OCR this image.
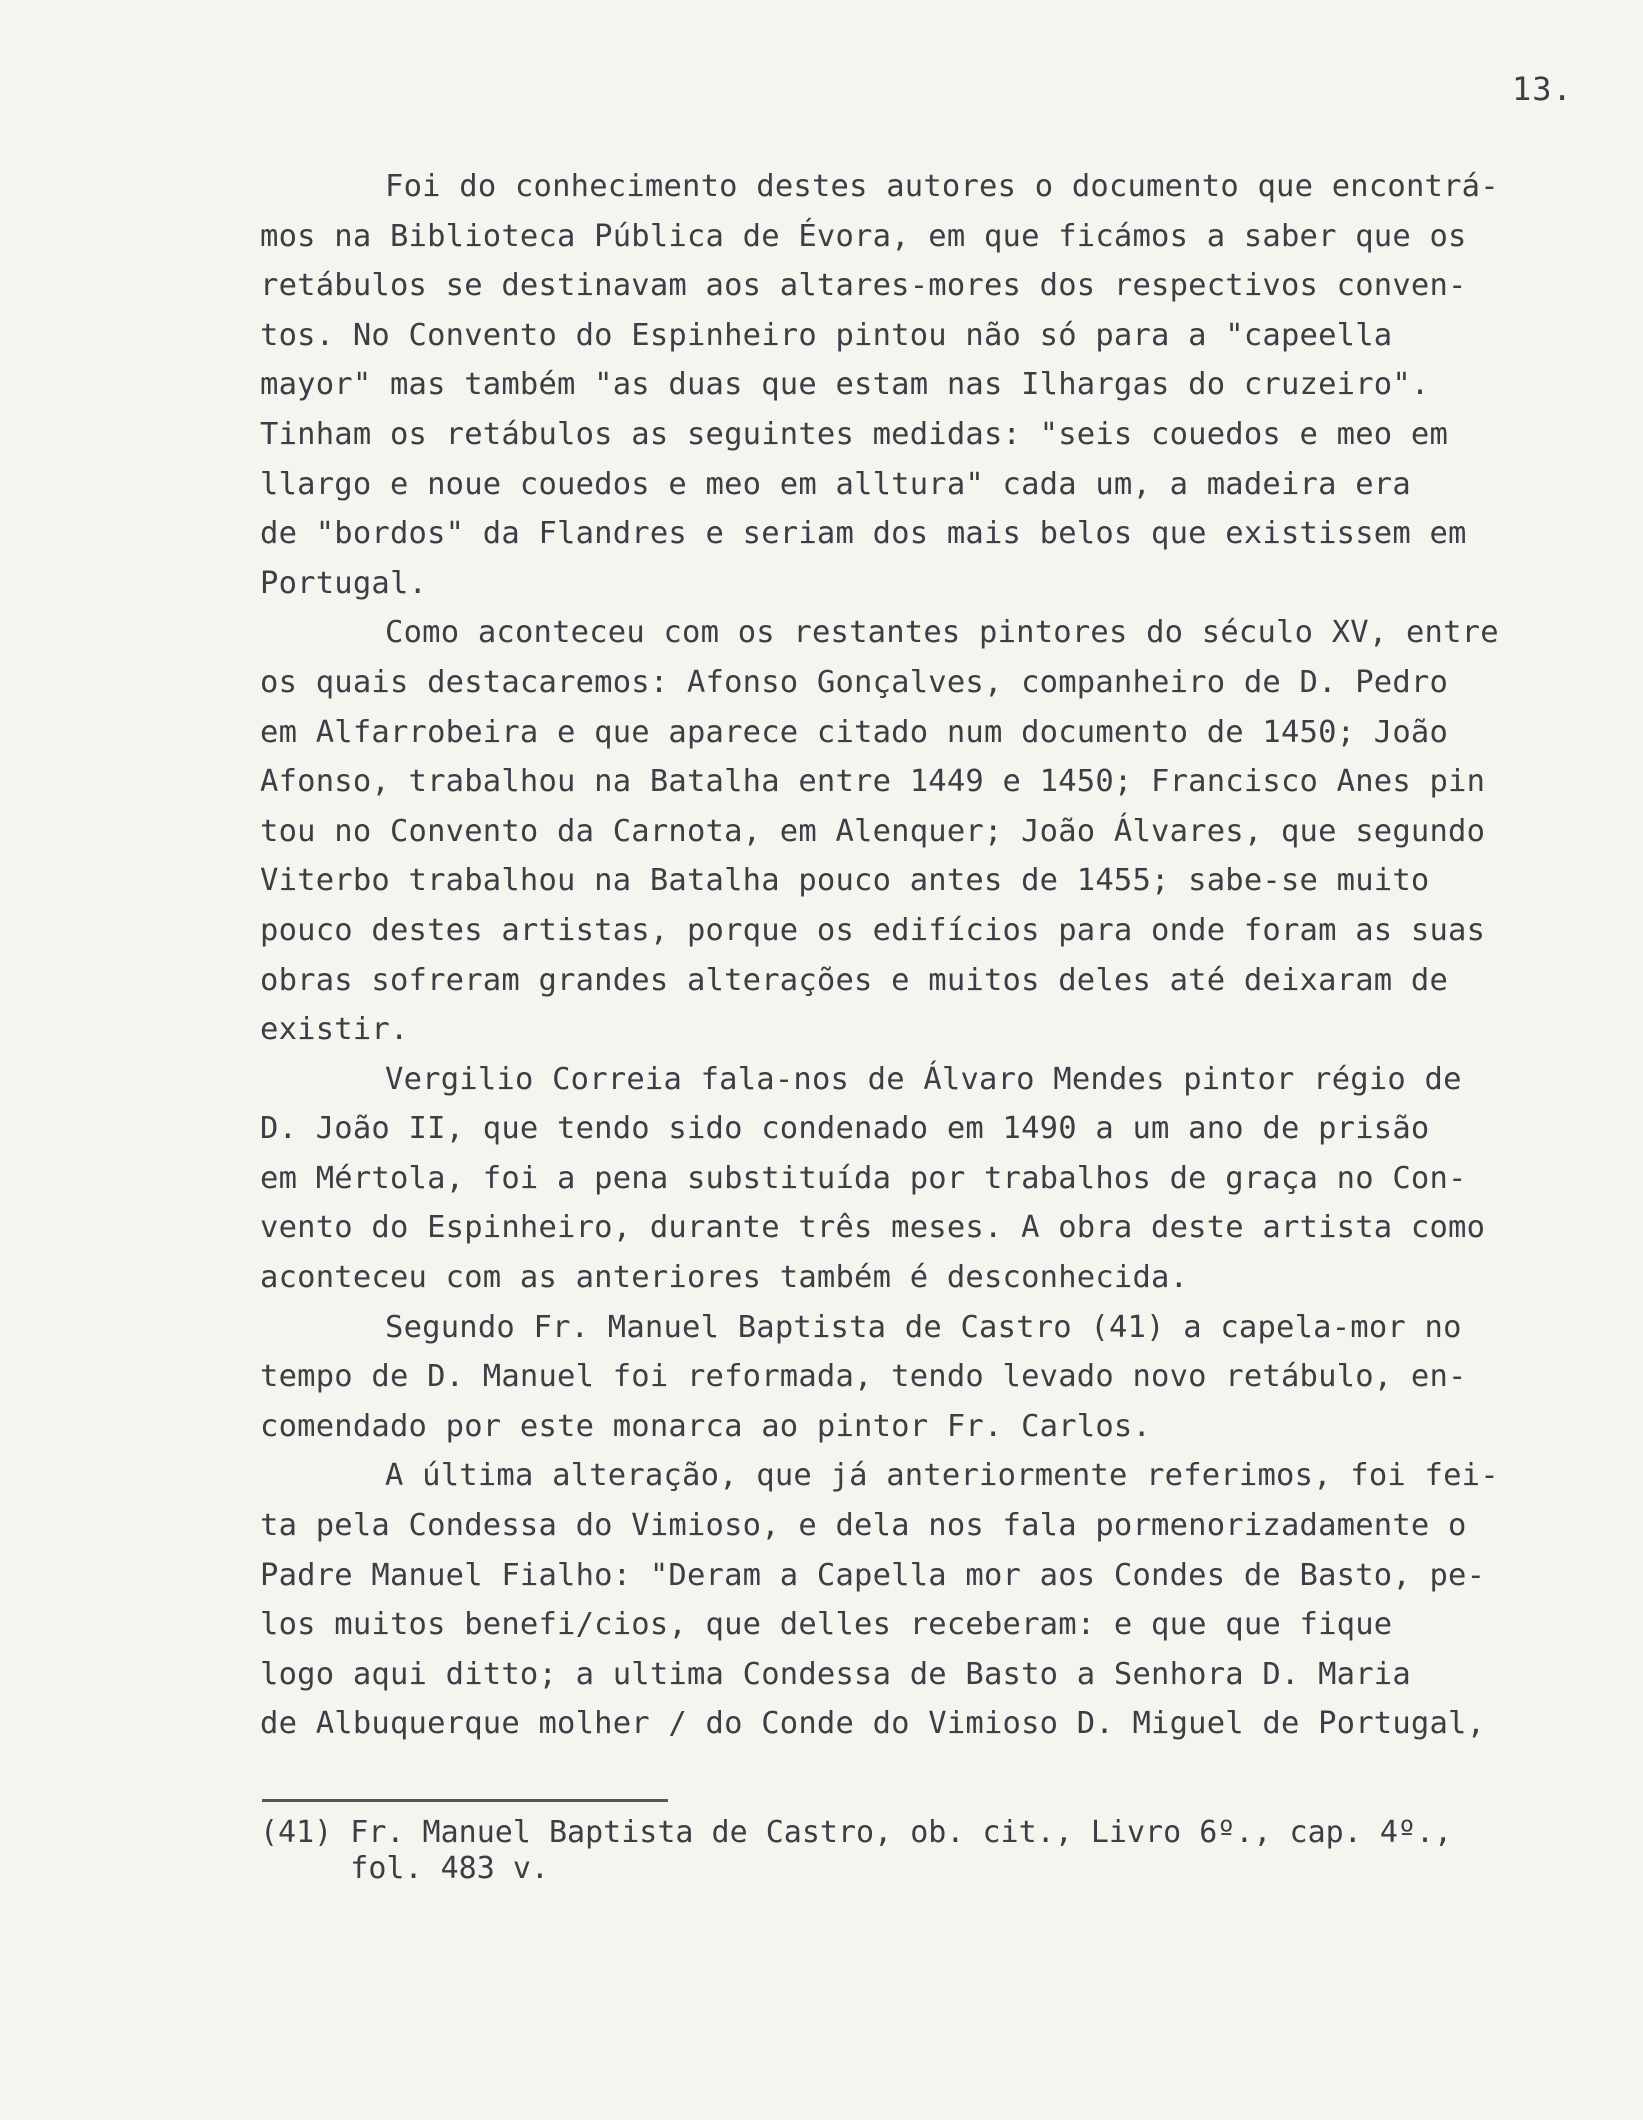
13.
Foi do conhecimento destes autores o documento que encontrá-
mos na Biblioteca Pública de Évora, em que ficámos a saber que os
retábulos se destinavam aos altares-mores dos respectivos conven-
tos. No Convento do Espinheiro pintou não só para a "capeella
mayor" mas também "as duas que estam nas Ilhargas do cruzeiro".
Tinham os retábulos as seguintes medidas: "seis couedos e meo em
llargo e noue couedos e meo em alltura" cada um, a madeira era
de "bordos" da Flandres e seriam dos mais belos que existissem em
Portugal.
Como aconteceu com os restantes pintores do século XV, entre
os quais destacaremos: Afonso Gonçalves, companheiro de D. Pedro
em Alfarrobeira e que aparece citado num documento de 1450; João
Afonso, trabalhou na Batalha entre 1449 e 1450; Francisco Anes pin
tou no Convento da Carnota, em Alenquer; João Álvares, que segundo
Viterbo trabalhou na Batalha pouco antes de 1455; sabe-se muito
pouco destes artistas, porque os edifícios para onde foram as suas
obras sofreram grandes alterações e muitos deles até deixaram de
existir.
Vergilio Correia fala-nos de Álvaro Mendes pintor régio de
D. João II, que tendo sido condenado em 1490 a um ano de prisão
em Mértola, foi a pena substituída por trabalhos de graça no Con-
vento do Espinheiro, durante três meses. A obra deste artista como
aconteceu com as anteriores também é desconhecida.
Segundo Fr. Manuel Baptista de Castro (41) a capela-mor no
tempo de D. Manuel foi reformada, tendo levado novo retábulo, en-
comendado por este monarca ao pintor Fr. Carlos.
A última alteração, que já anteriormente referimos, foi fei-
ta pela Condessa do Vimioso, e dela nos fala pormenorizadamente o
Padre Manuel Fialho: "Deram a Capella mor aos Condes de Basto, pe-
los muitos benefi/cios, que delles receberam: e que que fique
logo aqui ditto; a ultima Condessa de Basto a Senhora D. Maria
de Albuquerque molher / do Conde do Vimioso D. Miguel de Portugal,
(41) Fr. Manuel Baptista de Castro, ob. cit., Livro 6º., cap. 4º.,
fol. 483 v.
